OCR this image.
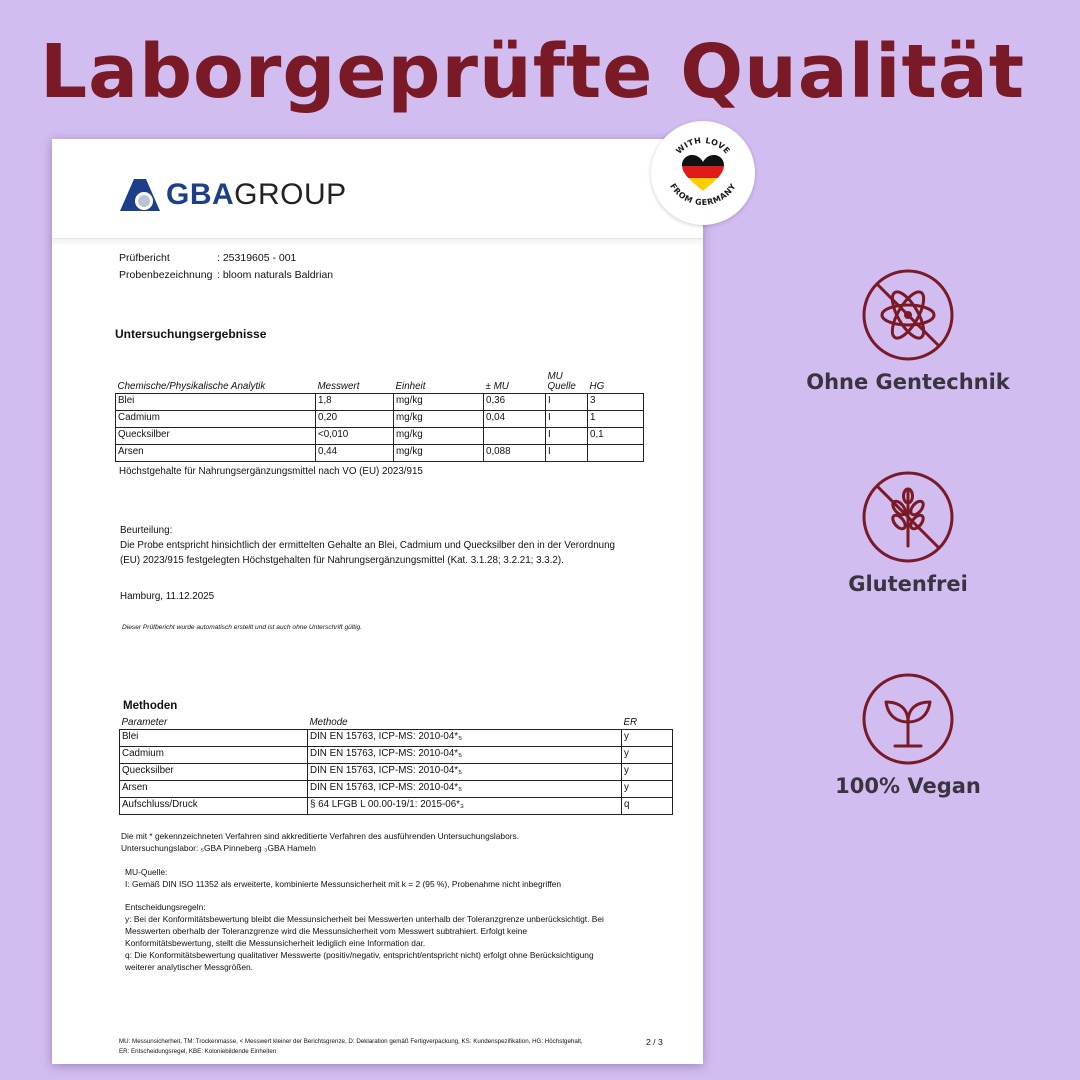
Laborgeprüfte Qualität
GBAGROUP
Prüfbericht	: 25319605 - 001
Probenbezeichnung : bloom naturals Baldrian
Untersuchungsergebnisse
Chemische/Physikalische Analytik	Messwert	Einheit	± MU	MU Quelle	HG
Blei	1,8	mg/kg	0,36	I	3
Cadmium	0,20	mg/kg	0,04	I	1
Quecksilber	<0,010	mg/kg		I	0,1
Arsen	0,44	mg/kg	0,088	I	
Höchstgehalte für Nahrungsergänzungsmittel nach VO (EU) 2023/915
Beurteilung:
Die Probe entspricht hinsichtlich der ermittelten Gehalte an Blei, Cadmium und Quecksilber den in der Verordnung
(EU) 2023/915 festgelegten Höchstgehalten für Nahrungsergänzungsmittel (Kat. 3.1.28; 3.2.21; 3.3.2).
Hamburg, 11.12.2025
Dieser Prüfbericht wurde automatisch erstellt und ist auch ohne Unterschrift gültig.
Methoden
Parameter	Methode	ER
Blei	DIN EN 15763, ICP-MS: 2010-04*₅	y
Cadmium	DIN EN 15763, ICP-MS: 2010-04*₅	y
Quecksilber	DIN EN 15763, ICP-MS: 2010-04*₅	y
Arsen	DIN EN 15763, ICP-MS: 2010-04*₅	y
Aufschluss/Druck	§ 64 LFGB L 00.00-19/1: 2015-06*₃	q
Die mit * gekennzeichneten Verfahren sind akkreditierte Verfahren des ausführenden Untersuchungslabors.
Untersuchungslabor: ₅GBA Pinneberg ₃GBA Hameln
MU-Quelle:
I: Gemäß DIN ISO 11352 als erweiterte, kombinierte Messunsicherheit mit k = 2 (95 %), Probenahme nicht inbegriffen
Entscheidungsregeln:
y: Bei der Konformitätsbewertung bleibt die Messunsicherheit bei Messwerten unterhalb der Toleranzgrenze unberücksichtigt. Bei
Messwerten oberhalb der Toleranzgrenze wird die Messunsicherheit vom Messwert subtrahiert. Erfolgt keine
Konformitätsbewertung, stellt die Messunsicherheit lediglich eine Information dar.
q: Die Konformitätsbewertung qualitativer Messwerte (positiv/negativ, entspricht/entspricht nicht) erfolgt ohne Berücksichtigung
weiterer analytischer Messgrößen.
MU: Messunsicherheit, TM: Trockenmasse, < Messwert kleiner der Berichtsgrenze, D: Deklaration gemäß Fertigverpackung, KS: Kundenspezifikation, HG: Höchstgehalt,
ER: Entscheidungsregel, KBE: Koloniebildende Einheiten
2 / 3
WITH LOVE
FROM GERMANY
Ohne Gentechnik
Glutenfrei
100% Vegan
